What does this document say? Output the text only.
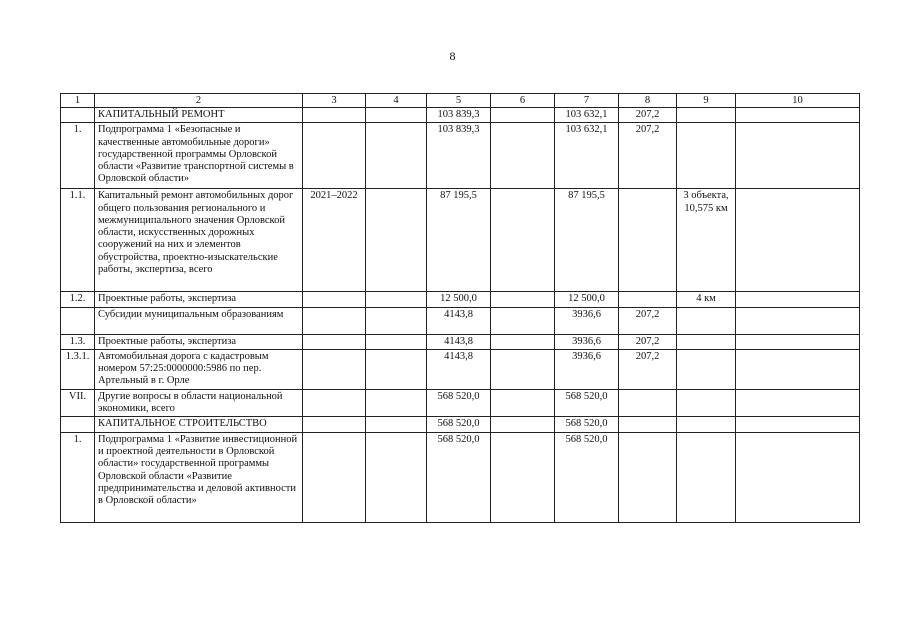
8
1	2	3	4	5	6	7	8	9	10
	КАПИТАЛЬНЫЙ РЕМОНТ			103 839,3		103 632,1	207,2		
1.	Подпрограмма 1 «Безопасные и качественные автомобильные дороги» государственной программы Орловской области «Развитие транспортной системы в Орловской области»			103 839,3		103 632,1	207,2		
1.1.	Капитальный ремонт автомобильных дорог общего пользования регионального и межмуниципального значения Орловской области, искусственных дорожных сооружений на них и элементов обустройства, проектно-изыскательские работы, экспертиза, всего	2021–2022		87 195,5		87 195,5		3 объекта, 10,575 км	
1.2.	Проектные работы, экспертиза			12 500,0		12 500,0		4 км	
	Субсидии муниципальным образованиям			4143,8		3936,6	207,2		
1.3.	Проектные работы, экспертиза			4143,8		3936,6	207,2		
1.3.1.	Автомобильная дорога с кадастровым номером 57:25:0000000:5986 по пер. Артельный в г. Орле			4143,8		3936,6	207,2		
VII.	Другие вопросы в области национальной экономики, всего			568 520,0		568 520,0			
	КАПИТАЛЬНОЕ СТРОИТЕЛЬСТВО			568 520,0		568 520,0			
1.	Подпрограмма 1 «Развитие инвестиционной и проектной деятельности в Орловской области» государственной программы Орловской области «Развитие предпринимательства и деловой активности в Орловской области»			568 520,0		568 520,0			
